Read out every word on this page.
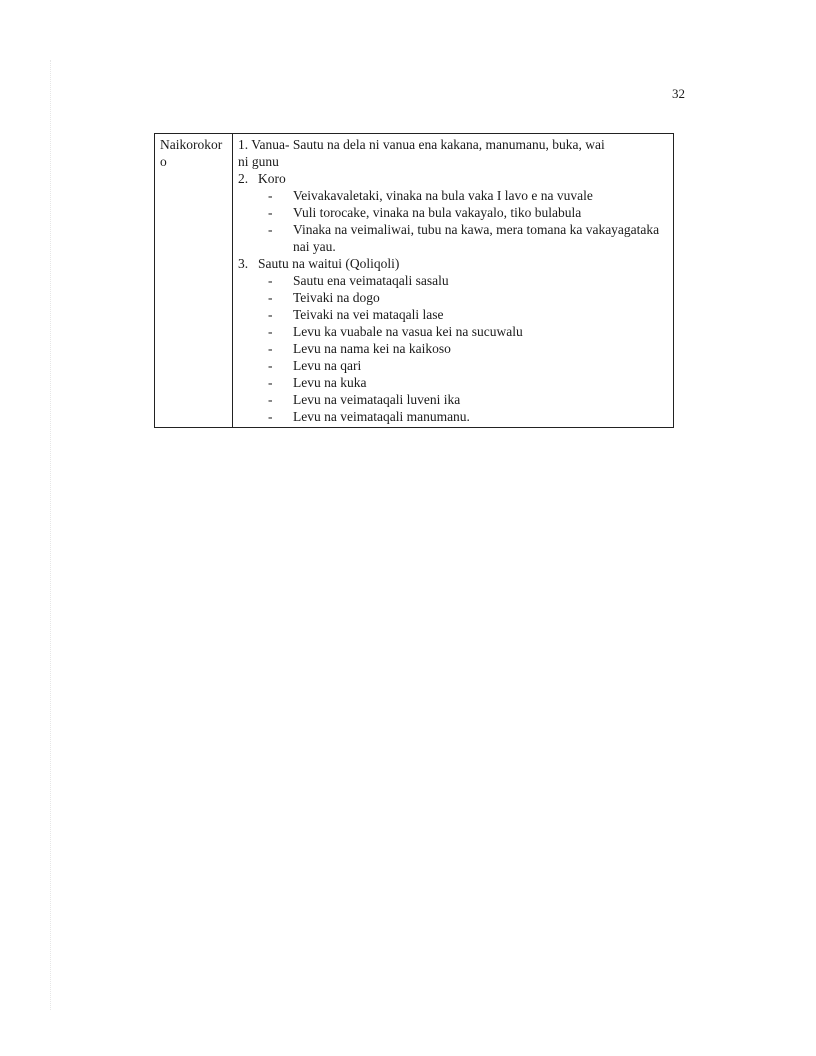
32
Naikorokoro

1. Vanua- Sautu na dela ni vanua ena kakana, manumanu, buka, wai
ni gunu
2. Koro
-	Veivakavaletaki, vinaka na bula vaka I lavo e na vuvale
-	Vuli torocake, vinaka na bula vakayalo, tiko bulabula
-	Vinaka na veimaliwai, tubu na kawa, mera tomana ka vakayagataka nai yau.
3. Sautu na waitui (Qoliqoli)
-	Sautu ena veimataqali sasalu
-	Teivaki na dogo
-	Teivaki na vei mataqali lase
-	Levu ka vuabale na vasua kei na sucuwalu
-	Levu na nama kei na kaikoso
-	Levu na qari
-	Levu na kuka
-	Levu na veimataqali luveni ika
-	Levu na veimataqali manumanu.
